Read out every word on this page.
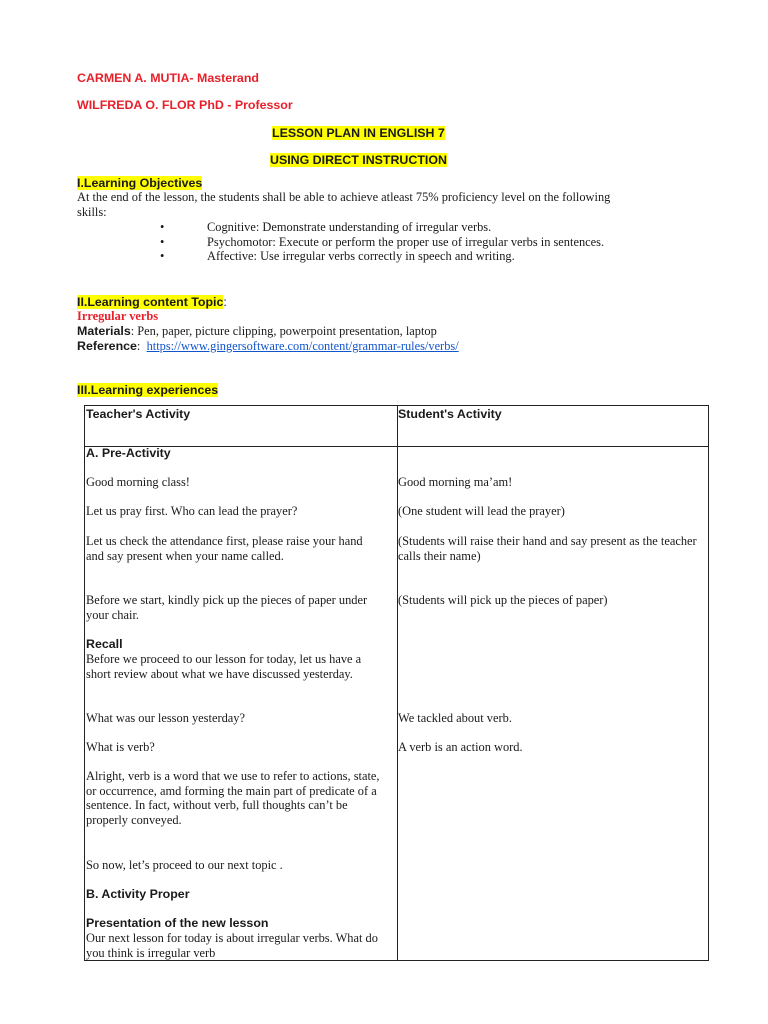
CARMEN A. MUTIA- Masterand
WILFREDA O. FLOR PhD - Professor
LESSON PLAN IN ENGLISH 7
USING DIRECT INSTRUCTION
I.Learning Objectives
At the end of the lesson, the students shall be able to achieve atleast 75% proficiency level on the following skills:
• Cognitive: Demonstrate understanding of irregular verbs.
• Psychomotor: Execute or perform the proper use of irregular verbs in sentences.
• Affective: Use irregular verbs correctly in speech and writing.
II.Learning content Topic:
Irregular verbs
Materials: Pen, paper, picture clipping, powerpoint presentation, laptop
Reference: https://www.gingersoftware.com/content/grammar-rules/verbs/
III.Learning experiences
Teacher's Activity	Student's Activity
A. Pre-Activity
Good morning class!
Let us pray first. Who can lead the prayer?
Let us check the attendance first, please raise your hand and say present when your name called.
Before we start, kindly pick up the pieces of paper under your chair.
Recall
Before we proceed to our lesson for today, let us have a short review about what we have discussed yesterday.
What was our lesson yesterday?
What is verb?
Alright, verb is a word that we use to refer to actions, state, or occurrence, amd forming the main part of predicate of a sentence. In fact, without verb, full thoughts can’t be properly conveyed.
So now, let’s proceed to our next topic .
B. Activity Proper
Presentation of the new lesson
Our next lesson for today is about irregular verbs. What do you think is irregular verb
Good morning ma’am!
(One student will lead the prayer)
(Students will raise their hand and say present as the teacher calls their name)
(Students will pick up the pieces of paper)
We tackled about verb.
A verb is an action word.
